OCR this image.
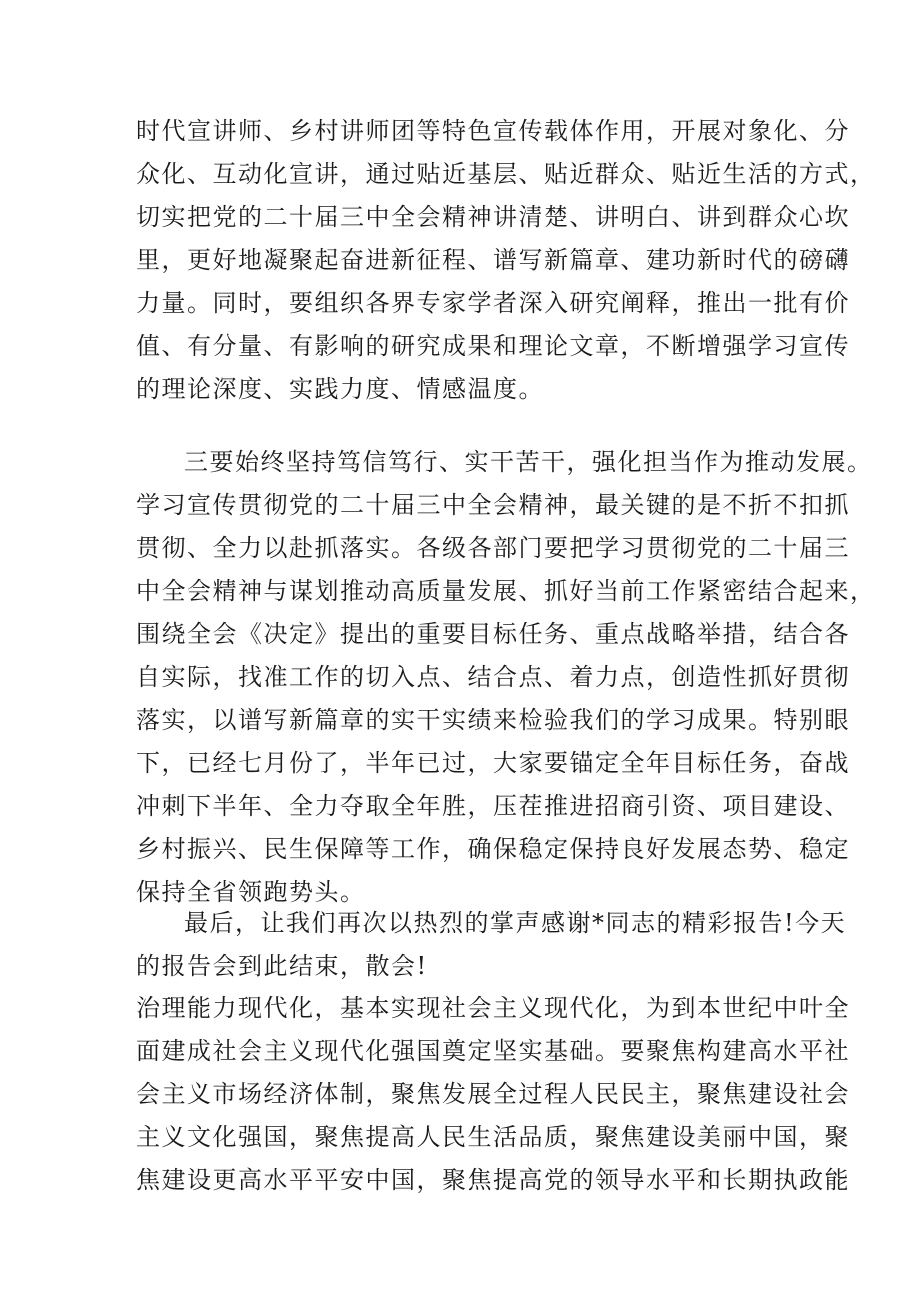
时代宣讲师、乡村讲师团等特色宣传载体作用，开展对象化、分
众化、互动化宣讲，通过贴近基层、贴近群众、贴近生活的方式，
切实把党的二十届三中全会精神讲清楚、讲明白、讲到群众心坎
里，更好地凝聚起奋进新征程、谱写新篇章、建功新时代的磅礴
力量。同时，要组织各界专家学者深入研究阐释，推出一批有价
值、有分量、有影响的研究成果和理论文章，不断增强学习宣传
的理论深度、实践力度、情感温度。
三要始终坚持笃信笃行、实干苦干，强化担当作为推动发展。
学习宣传贯彻党的二十届三中全会精神，最关键的是不折不扣抓
贯彻、全力以赴抓落实。各级各部门要把学习贯彻党的二十届三
中全会精神与谋划推动高质量发展、抓好当前工作紧密结合起来，
围绕全会《决定》提出的重要目标任务、重点战略举措，结合各
自实际，找准工作的切入点、结合点、着力点，创造性抓好贯彻
落实，以谱写新篇章的实干实绩来检验我们的学习成果。特别眼
下，已经七月份了，半年已过，大家要锚定全年目标任务，奋战
冲刺下半年、全力夺取全年胜，压茬推进招商引资、项目建设、
乡村振兴、民生保障等工作，确保稳定保持良好发展态势、稳定
保持全省领跑势头。
最后，让我们再次以热烈的掌声感谢*同志的精彩报告!今天
的报告会到此结束，散会!
治理能力现代化，基本实现社会主义现代化，为到本世纪中叶全
面建成社会主义现代化强国奠定坚实基础。要聚焦构建高水平社
会主义市场经济体制，聚焦发展全过程人民民主，聚焦建设社会
主义文化强国，聚焦提高人民生活品质，聚焦建设美丽中国，聚
焦建设更高水平平安中国，聚焦提高党的领导水平和长期执政能
